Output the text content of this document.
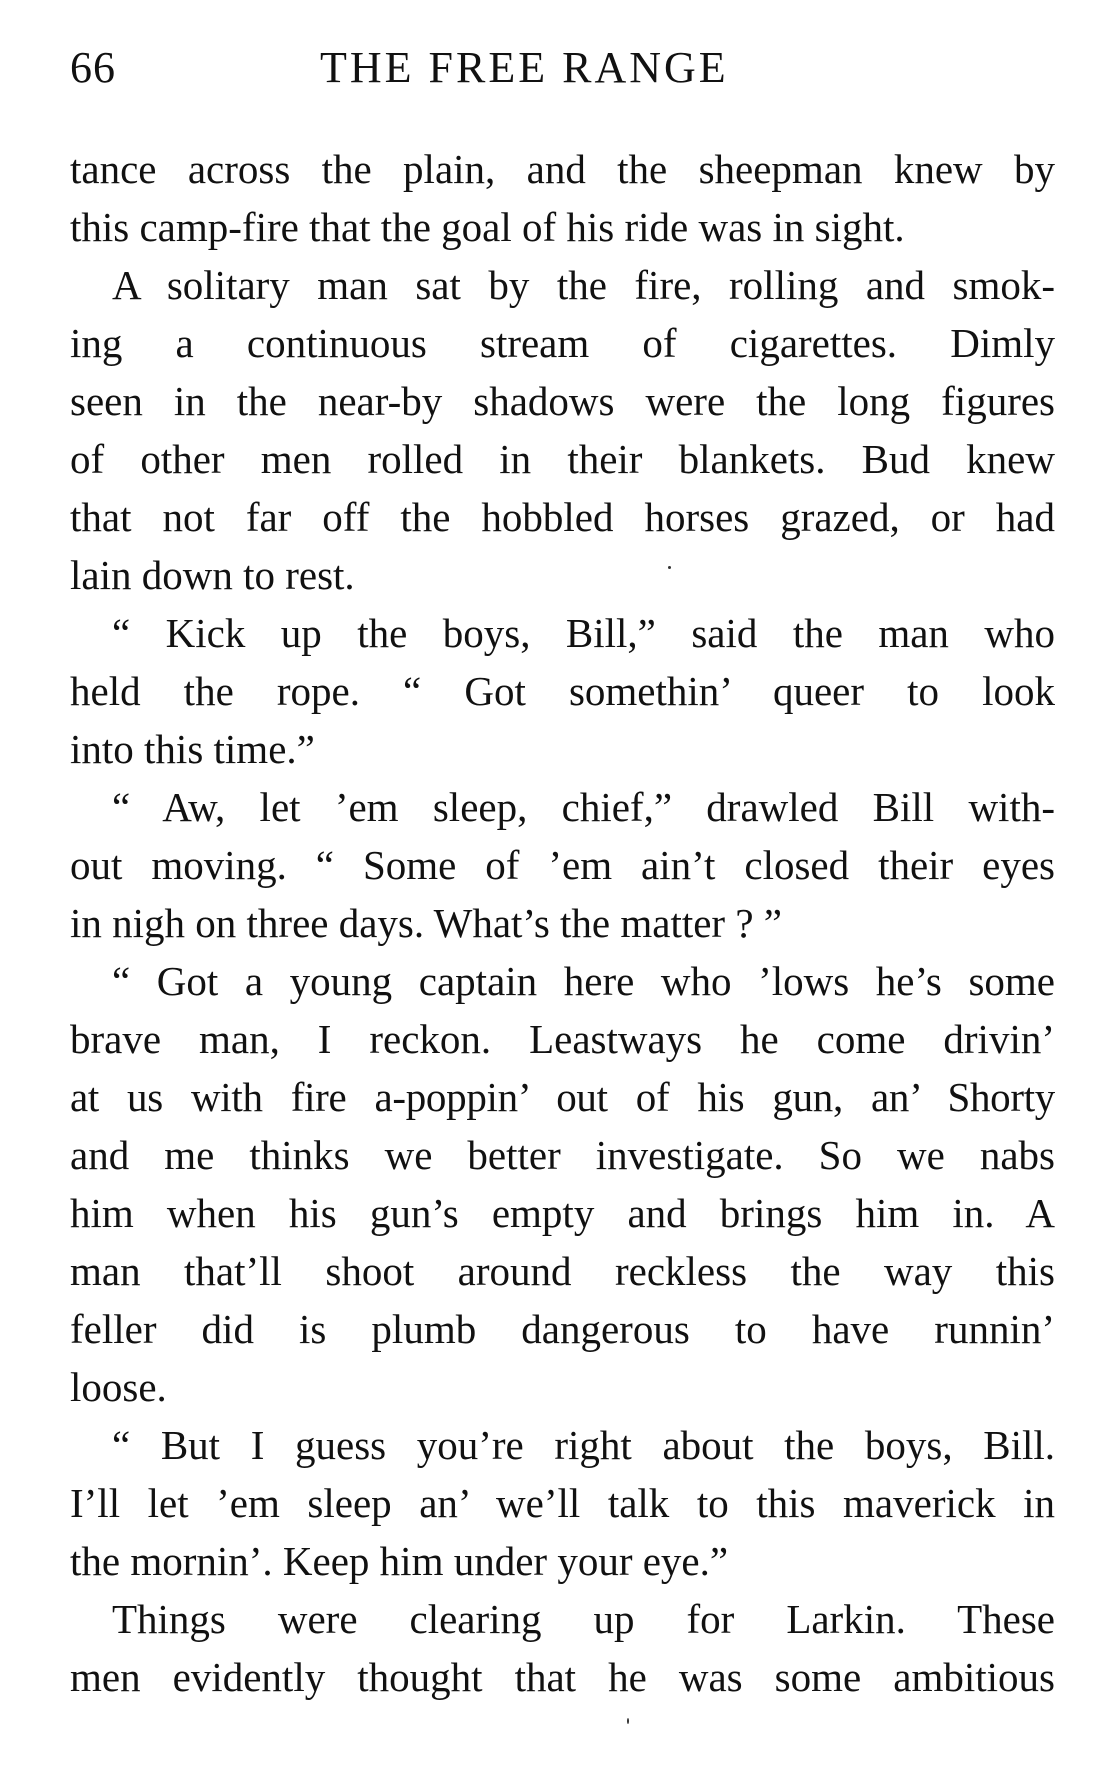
66	THE FREE RANGE
tance across the plain, and the sheepman knew by
this camp-fire that the goal of his ride was in sight.
A solitary man sat by the fire, rolling and smok-
ing a continuous stream of cigarettes. Dimly
seen in the near-by shadows were the long figures
of other men rolled in their blankets. Bud knew
that not far off the hobbled horses grazed, or had
lain down to rest.
“ Kick up the boys, Bill,” said the man who
held the rope. “ Got somethin’ queer to look
into this time.”
“ Aw, let ’em sleep, chief,” drawled Bill with-
out moving. “ Some of ’em ain’t closed their eyes
in nigh on three days. What’s the matter ? ”
“ Got a young captain here who ’lows he’s some
brave man, I reckon. Leastways he come drivin’
at us with fire a-poppin’ out of his gun, an’ Shorty
and me thinks we better investigate. So we nabs
him when his gun’s empty and brings him in. A
man that’ll shoot around reckless the way this
feller did is plumb dangerous to have runnin’
loose.
“ But I guess you’re right about the boys, Bill.
I’ll let ’em sleep an’ we’ll talk to this maverick in
the mornin’. Keep him under your eye.”
Things were clearing up for Larkin. These
men evidently thought that he was some ambitious
